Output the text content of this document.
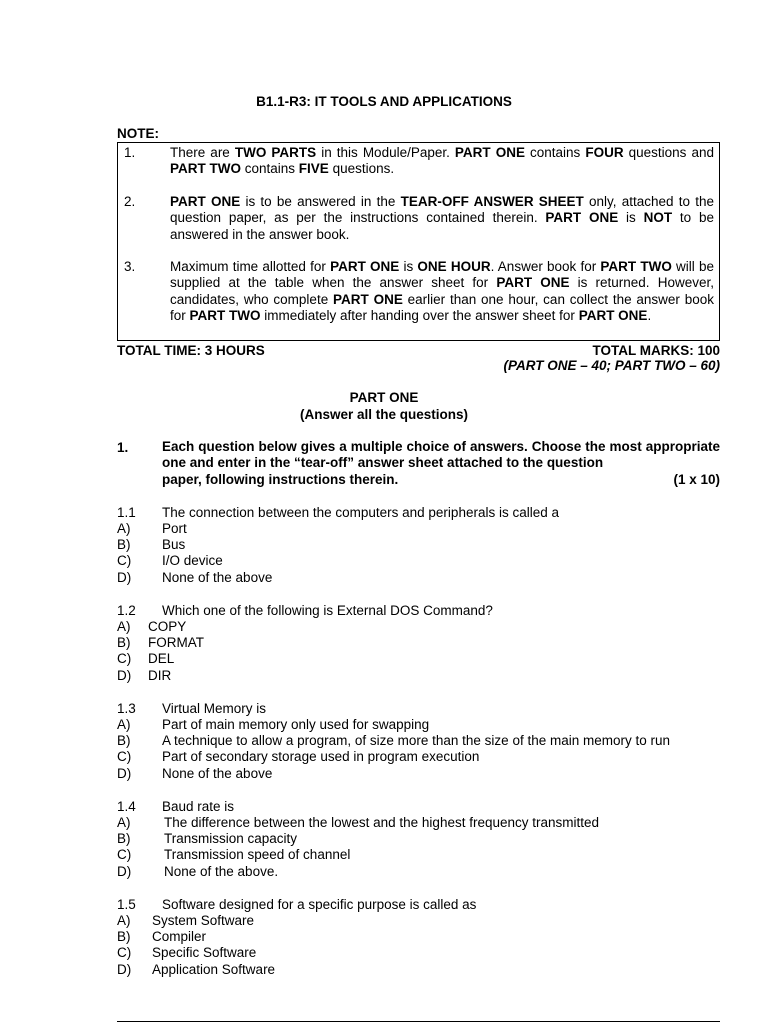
B1.1-R3: IT TOOLS AND APPLICATIONS
NOTE:
1.	There are TWO PARTS in this Module/Paper. PART ONE contains FOUR questions and PART TWO contains FIVE questions.
2.	PART ONE is to be answered in the TEAR-OFF ANSWER SHEET only, attached to the question paper, as per the instructions contained therein. PART ONE is NOT to be answered in the answer book.
3.	Maximum time allotted for PART ONE is ONE HOUR. Answer book for PART TWO will be supplied at the table when the answer sheet for PART ONE is returned. However, candidates, who complete PART ONE earlier than one hour, can collect the answer book for PART TWO immediately after handing over the answer sheet for PART ONE.
TOTAL TIME: 3 HOURS	TOTAL MARKS: 100
(PART ONE – 40; PART TWO – 60)
PART ONE
(Answer all the questions)
1. Each question below gives a multiple choice of answers. Choose the most appropriate one and enter in the “tear-off” answer sheet attached to the question
paper, following instructions therein.	(1 x 10)
1.1 The connection between the computers and peripherals is called a
A) Port
B) Bus
C) I/O device
D) None of the above
1.2 Which one of the following is External DOS Command?
A) COPY
B) FORMAT
C) DEL
D) DIR
1.3 Virtual Memory is
A) Part of main memory only used for swapping
B) A technique to allow a program, of size more than the size of the main memory to run
C) Part of secondary storage used in program execution
D) None of the above
1.4 Baud rate is
A) The difference between the lowest and the highest frequency transmitted
B) Transmission capacity
C) Transmission speed of channel
D) None of the above.
1.5 Software designed for a specific purpose is called as
A) System Software
B) Compiler
C) Specific Software
D) Application Software
